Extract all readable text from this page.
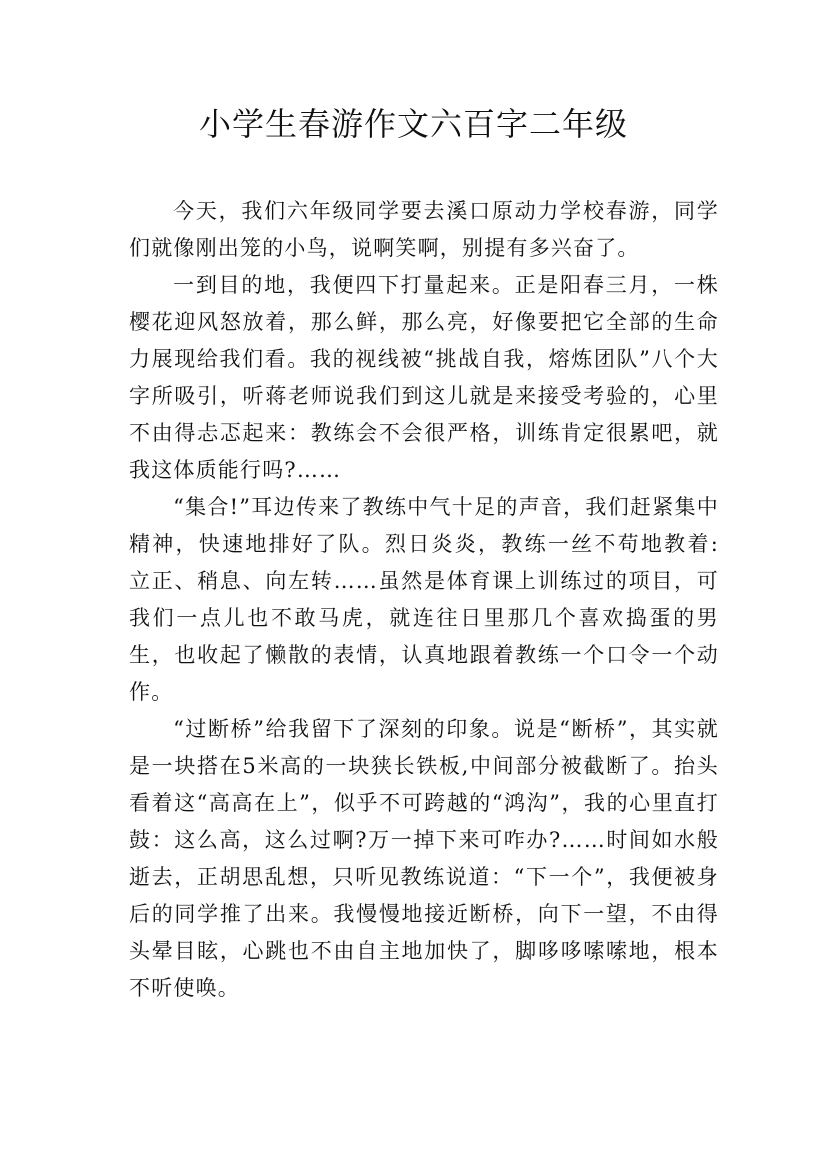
小学生春游作文六百字二年级

今天，我们六年级同学要去溪口原动力学校春游，同学们就像刚出笼的小鸟，说啊笑啊，别提有多兴奋了。

一到目的地，我便四下打量起来。正是阳春三月，一株樱花迎风怒放着，那么鲜，那么亮，好像要把它全部的生命力展现给我们看。我的视线被“挑战自我，熔炼团队”八个大字所吸引，听蒋老师说我们到这儿就是来接受考验的，心里不由得忐忑起来：教练会不会很严格，训练肯定很累吧，就我这体质能行吗?……

“集合!”耳边传来了教练中气十足的声音，我们赶紧集中精神，快速地排好了队。烈日炎炎，教练一丝不苟地教着: 立正、稍息、向左转……虽然是体育课上训练过的项目，可我们一点儿也不敢马虎，就连往日里那几个喜欢捣蛋的男生，也收起了懒散的表情，认真地跟着教练一个口令一个动作。

“过断桥”给我留下了深刻的印象。说是“断桥”，其实就是一块搭在5米高的一块狭长铁板,中间部分被截断了。抬头看着这“高高在上”，似乎不可跨越的“鸿沟”，我的心里直打鼓：这么高，这么过啊?万一掉下来可咋办?……时间如水般逝去，正胡思乱想，只听见教练说道：“下一个”，我便被身后的同学推了出来。我慢慢地接近断桥，向下一望，不由得头晕目眩，心跳也不由自主地加快了，脚哆哆嗦嗦地，根本不听使唤。
